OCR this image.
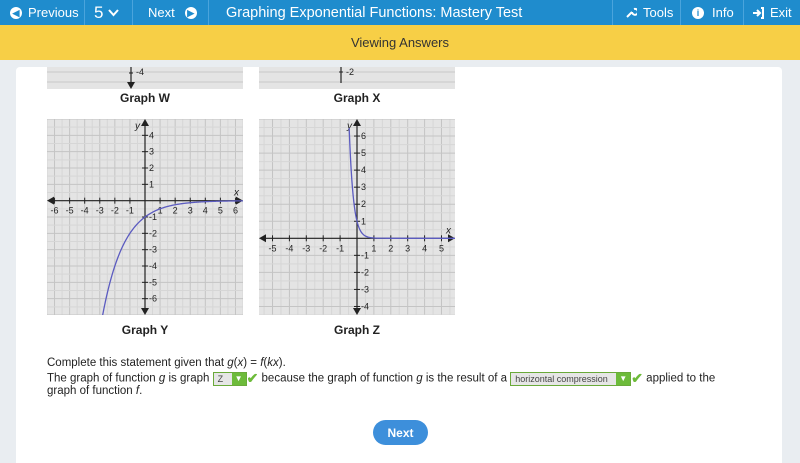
◀ Previous 5	Next ▶ Graphing Exponential Functions: Mastery Test	Tools	i Info	Exit
Viewing Answers
-4
Graph W
-2
Graph X
x
y
-6 -5 -4 -3 -2 -1	1 2 3 4 5 6
4
3
2
1
-1
-2
-3
-4
-5
-6
Graph Y
x
y
-5 -4 -3 -2 -1	1 2 3 4 5
6
5
4
3
2
1
-1
-2
-3
-4
Graph Z
Complete this statement given that g(x) = f(kx).
The graph of function g is graph Z	▼ ✔ because the graph of function g is the result of a horizontal compression	▼ ✔ applied to the
graph of function f.
Next
